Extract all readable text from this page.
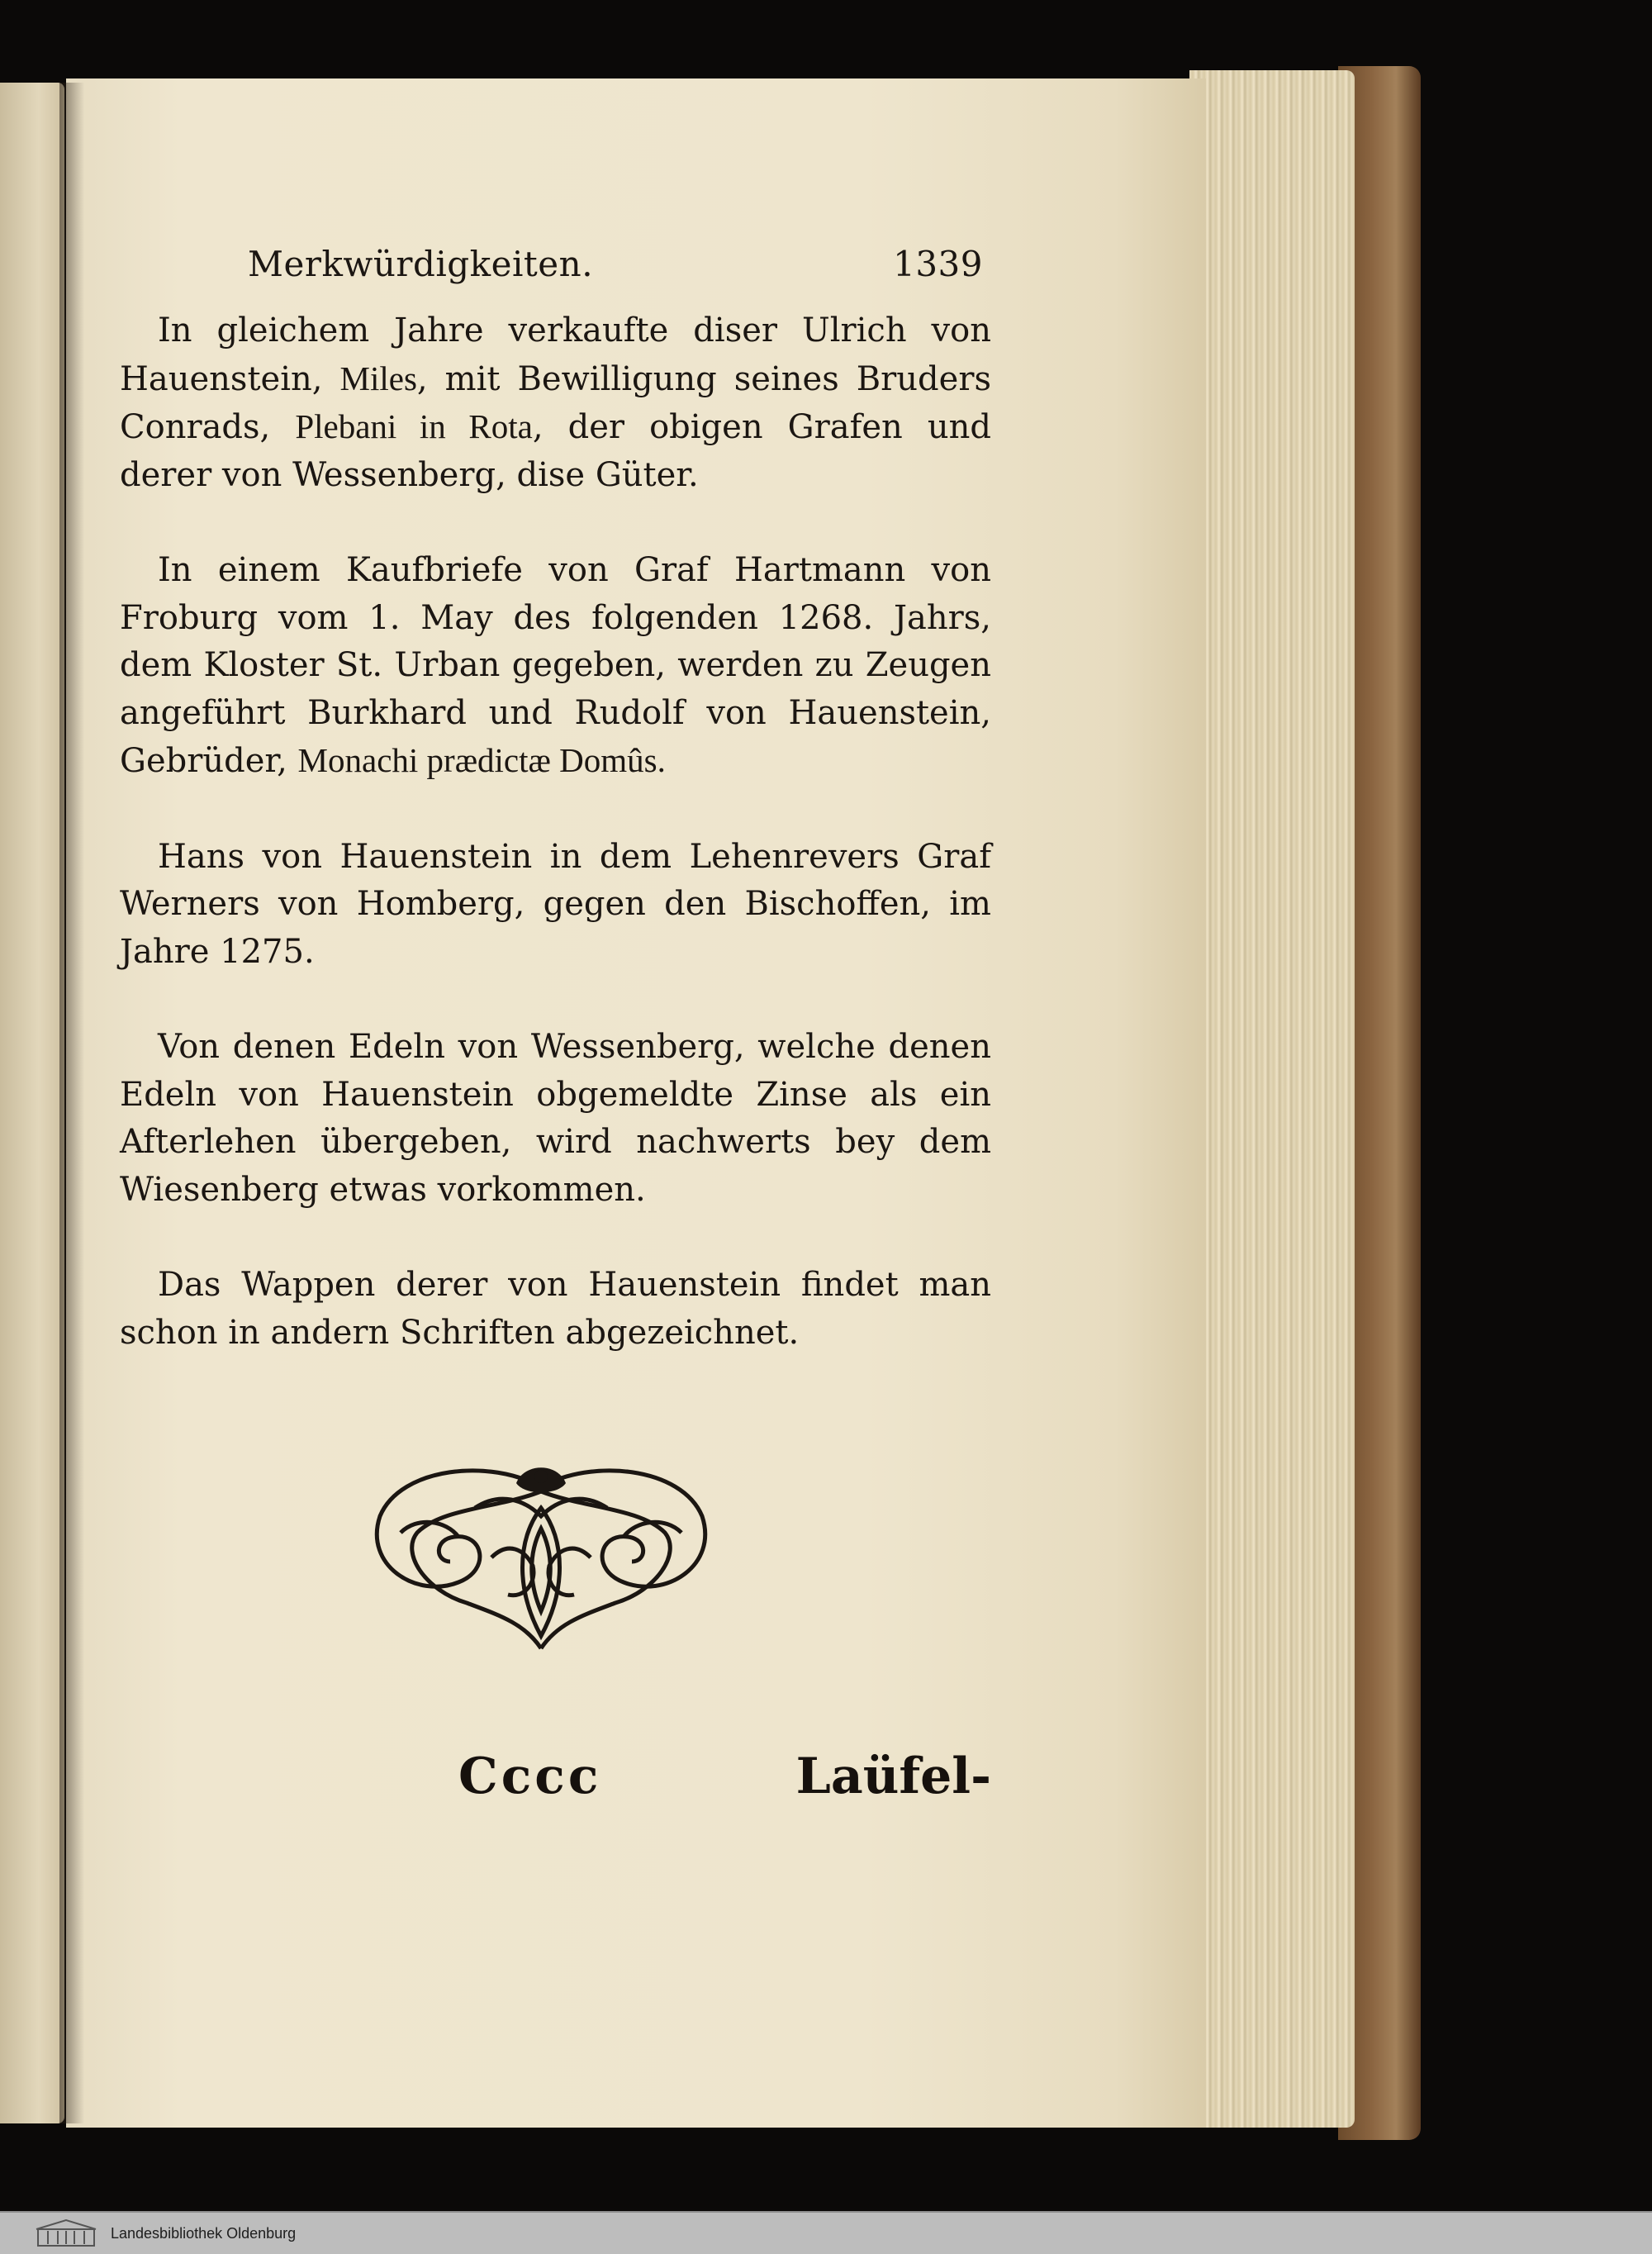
Merkwürdigkeiten.	1339

In gleichem Jahre verkaufte diser Ulrich von Hauenstein, Miles, mit Bewilligung seines Bruders Conrads, Plebani in Rota, der obigen Grafen und derer von Wessenberg, dise Güter.

In einem Kaufbriefe von Graf Hartmann von Froburg vom 1. May des folgenden 1268. Jahrs, dem Kloster St. Urban gegeben, werden zu Zeugen angeführt Burkhard und Rudolf von Hauenstein, Gebrüder, Monachi prædictæ Domûs.

Hans von Hauenstein in dem Lehenrevers Graf Werners von Homberg, gegen den Bischoffen, im Jahre 1275.

Von denen Edeln von Wessenberg, welche denen Edeln von Hauenstein obgemeldte Zinse als ein Afterlehen übergeben, wird nachwerts bey dem Wiesenberg etwas vorkommen.

Das Wappen derer von Hauenstein findet man schon in andern Schriften abgezeichnet.

Cccc	Laüfel-
Landesbibliothek Oldenburg
